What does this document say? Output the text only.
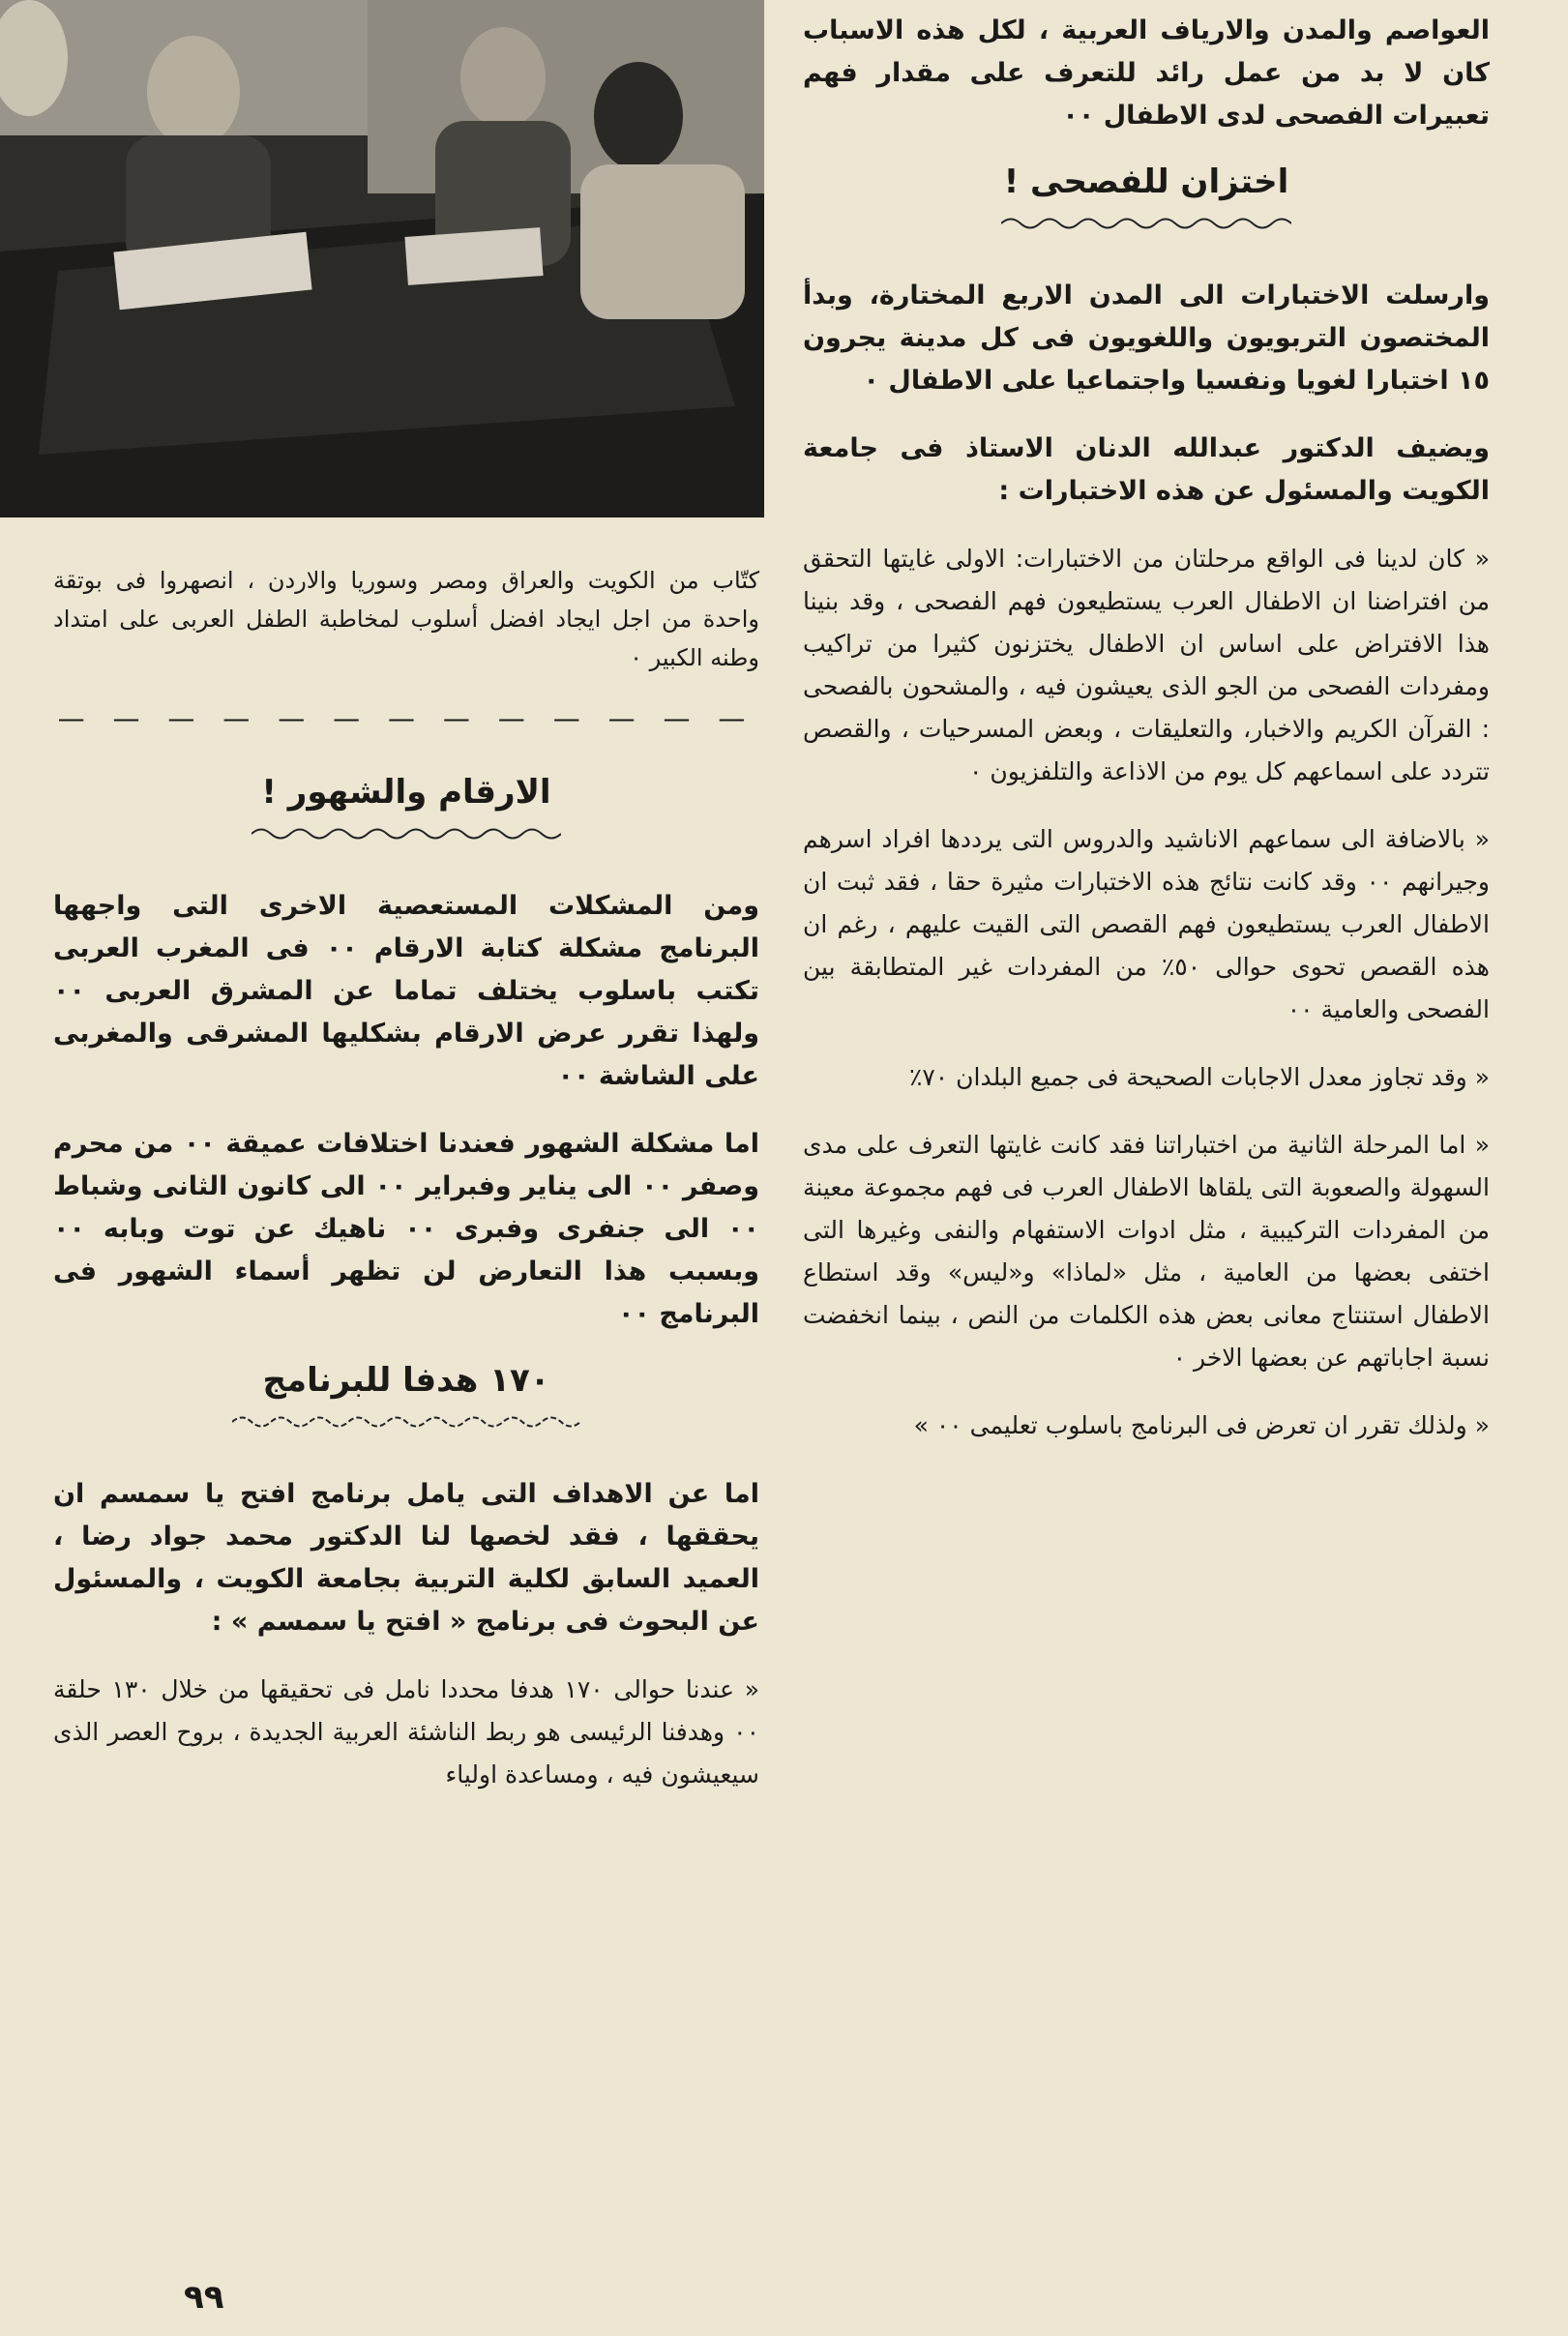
العواصم والمدن والارياف العربية ، لكل هذه الاسباب كان لا بد من عمل رائد للتعرف على مقدار فهم تعبيرات الفصحى لدى الاطفال ٠٠

اختزان للفصحى !

وارسلت الاختبارات الى المدن الاربع المختارة، وبدأ المختصون التربويون واللغويون فى كل مدينة يجرون ١٥ اختبارا لغويا ونفسيا واجتماعيا على الاطفال ٠

ويضيف الدكتور عبدالله الدنان الاستاذ فى جامعة الكويت والمسئول عن هذه الاختبارات :

« كان لدينا فى الواقع مرحلتان من الاختبارات: الاولى غايتها التحقق من افتراضنا ان الاطفال العرب يستطيعون فهم الفصحى ، وقد بنينا هذا الافتراض على اساس ان الاطفال يختزنون كثيرا من تراكيب ومفردات الفصحى من الجو الذى يعيشون فيه ، والمشحون بالفصحى : القرآن الكريم والاخبار، والتعليقات ، وبعض المسرحيات ، والقصص تتردد على اسماعهم كل يوم من الاذاعة والتلفزيون ٠

« بالاضافة الى سماعهم الاناشيد والدروس التى يرددها افراد اسرهم وجيرانهم ٠٠ وقد كانت نتائج هذه الاختبارات مثيرة حقا ، فقد ثبت ان الاطفال العرب يستطيعون فهم القصص التى القيت عليهم ، رغم ان هذه القصص تحوى حوالى ٥٠٪ من المفردات غير المتطابقة بين الفصحى والعامية ٠٠

« وقد تجاوز معدل الاجابات الصحيحة فى جميع البلدان ٧٠٪

« اما المرحلة الثانية من اختباراتنا فقد كانت غايتها التعرف على مدى السهولة والصعوبة التى يلقاها الاطفال العرب فى فهم مجموعة معينة من المفردات التركيبية ، مثل ادوات الاستفهام والنفى وغيرها التى اختفى بعضها من العامية ، مثل «لماذا» و«ليس» وقد استطاع الاطفال استنتاج معانى بعض هذه الكلمات من النص ، بينما انخفضت نسبة اجاباتهم عن بعضها الاخر ٠

« ولذلك تقرر ان تعرض فى البرنامج باسلوب تعليمى ٠٠ »

كتّاب من الكويت والعراق ومصر وسوريا والاردن ، انصهروا فى بوتقة واحدة من اجل ايجاد افضل أسلوب لمخاطبة الطفل العربى على امتداد وطنه الكبير ٠

— — — — — — — — — — — — —
الارقام والشهور !

ومن المشكلات المستعصية الاخرى التى واجهها البرنامج مشكلة كتابة الارقام ٠٠ فى المغرب العربى تكتب باسلوب يختلف تماما عن المشرق العربى ٠٠ ولهذا تقرر عرض الارقام بشكليها المشرقى والمغربى على الشاشة ٠٠

اما مشكلة الشهور فعندنا اختلافات عميقة ٠٠ من محرم وصفر ٠٠ الى يناير وفبراير ٠٠ الى كانون الثانى وشباط ٠٠ الى جنفرى وفبرى ٠٠ ناهيك عن توت وبابه ٠٠ وبسبب هذا التعارض لن تظهر أسماء الشهور فى البرنامج ٠٠

١٧٠ هدفا للبرنامج

اما عن الاهداف التى يامل برنامج افتح يا سمسم ان يحققها ، فقد لخصها لنا الدكتور محمد جواد رضا ، العميد السابق لكلية التربية بجامعة الكويت ، والمسئول عن البحوث فى برنامج « افتح يا سمسم » :

« عندنا حوالى ١٧٠ هدفا محددا نامل فى تحقيقها من خلال ١٣٠ حلقة ٠٠ وهدفنا الرئيسى هو ربط الناشئة العربية الجديدة ، بروح العصر الذى سيعيشون فيه ، ومساعدة اولياء

٩٩
